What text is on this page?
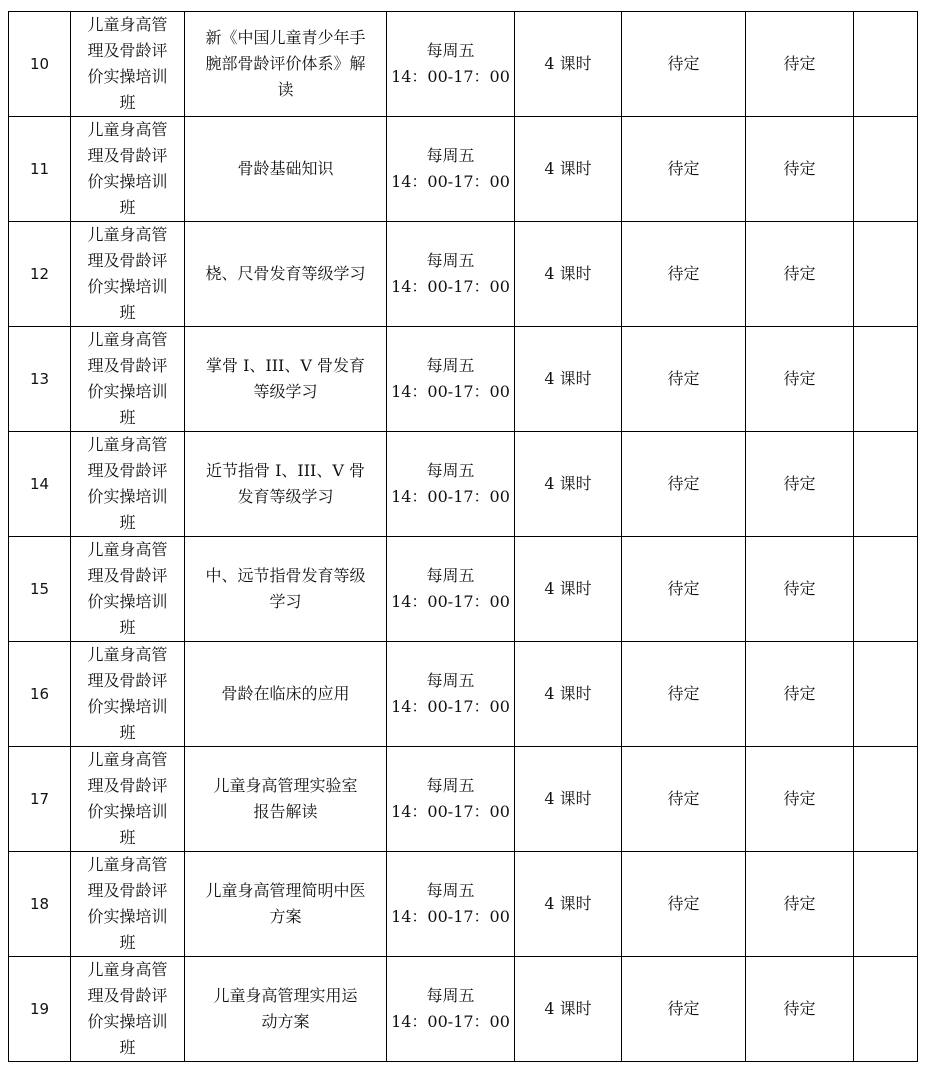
10	儿童身高管
理及骨龄评
价实操培训
班	新《中国儿童青少年手
腕部骨龄评价体系》解
读	每周五
14：00-17：00	4 课时	待定	待定	
11	儿童身高管
理及骨龄评
价实操培训
班	骨龄基础知识	每周五
14：00-17：00	4 课时	待定	待定	
12	儿童身高管
理及骨龄评
价实操培训
班	桡、尺骨发育等级学习	每周五
14：00-17：00	4 课时	待定	待定	
13	儿童身高管
理及骨龄评
价实操培训
班	掌骨 I、III、V 骨发育
等级学习	每周五
14：00-17：00	4 课时	待定	待定	
14	儿童身高管
理及骨龄评
价实操培训
班	近节指骨 I、III、V 骨
发育等级学习	每周五
14：00-17：00	4 课时	待定	待定	
15	儿童身高管
理及骨龄评
价实操培训
班	中、远节指骨发育等级
学习	每周五
14：00-17：00	4 课时	待定	待定	
16	儿童身高管
理及骨龄评
价实操培训
班	骨龄在临床的应用	每周五
14：00-17：00	4 课时	待定	待定	
17	儿童身高管
理及骨龄评
价实操培训
班	儿童身高管理实验室
报告解读	每周五
14：00-17：00	4 课时	待定	待定	
18	儿童身高管
理及骨龄评
价实操培训
班	儿童身高管理简明中医
方案	每周五
14：00-17：00	4 课时	待定	待定	
19	儿童身高管
理及骨龄评
价实操培训
班	儿童身高管理实用运
动方案	每周五
14：00-17：00	4 课时	待定	待定	
